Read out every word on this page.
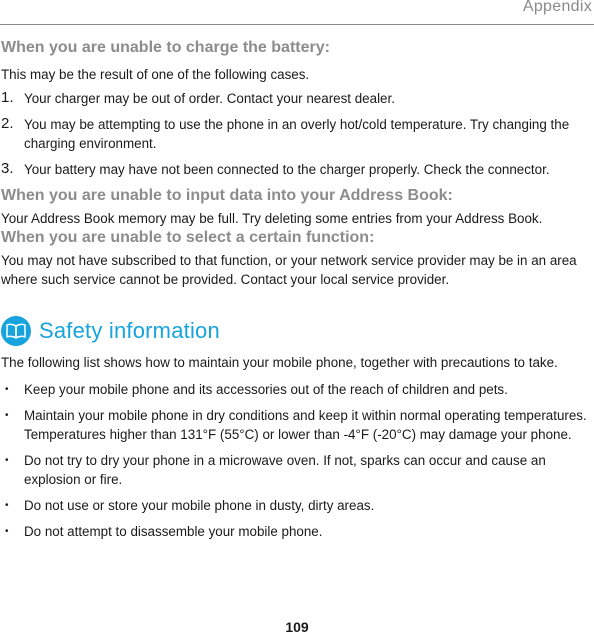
Appendix
When you are unable to charge the battery:

This may be the result of one of the following cases.

1. Your charger may be out of order. Contact your nearest dealer.
2. You may be attempting to use the phone in an overly hot/cold temperature. Try changing the charging environment.
3. Your battery may have not been connected to the charger properly. Check the connector.
When you are unable to input data into your Address Book:

Your Address Book memory may be full. Try deleting some entries from your Address Book.

When you are unable to select a certain function:

You may not have subscribed to that function, or your network service provider may be in an area where such service cannot be provided. Contact your local service provider.

Safety information

The following list shows how to maintain your mobile phone, together with precautions to take.

• Keep your mobile phone and its accessories out of the reach of children and pets.
• Maintain your mobile phone in dry conditions and keep it within normal operating temperatures. Temperatures higher than 131°F (55°C) or lower than -4°F (-20°C) may damage your phone.
• Do not try to dry your phone in a microwave oven. If not, sparks can occur and cause an explosion or fire.
• Do not use or store your mobile phone in dusty, dirty areas.
• Do not attempt to disassemble your mobile phone.
109
